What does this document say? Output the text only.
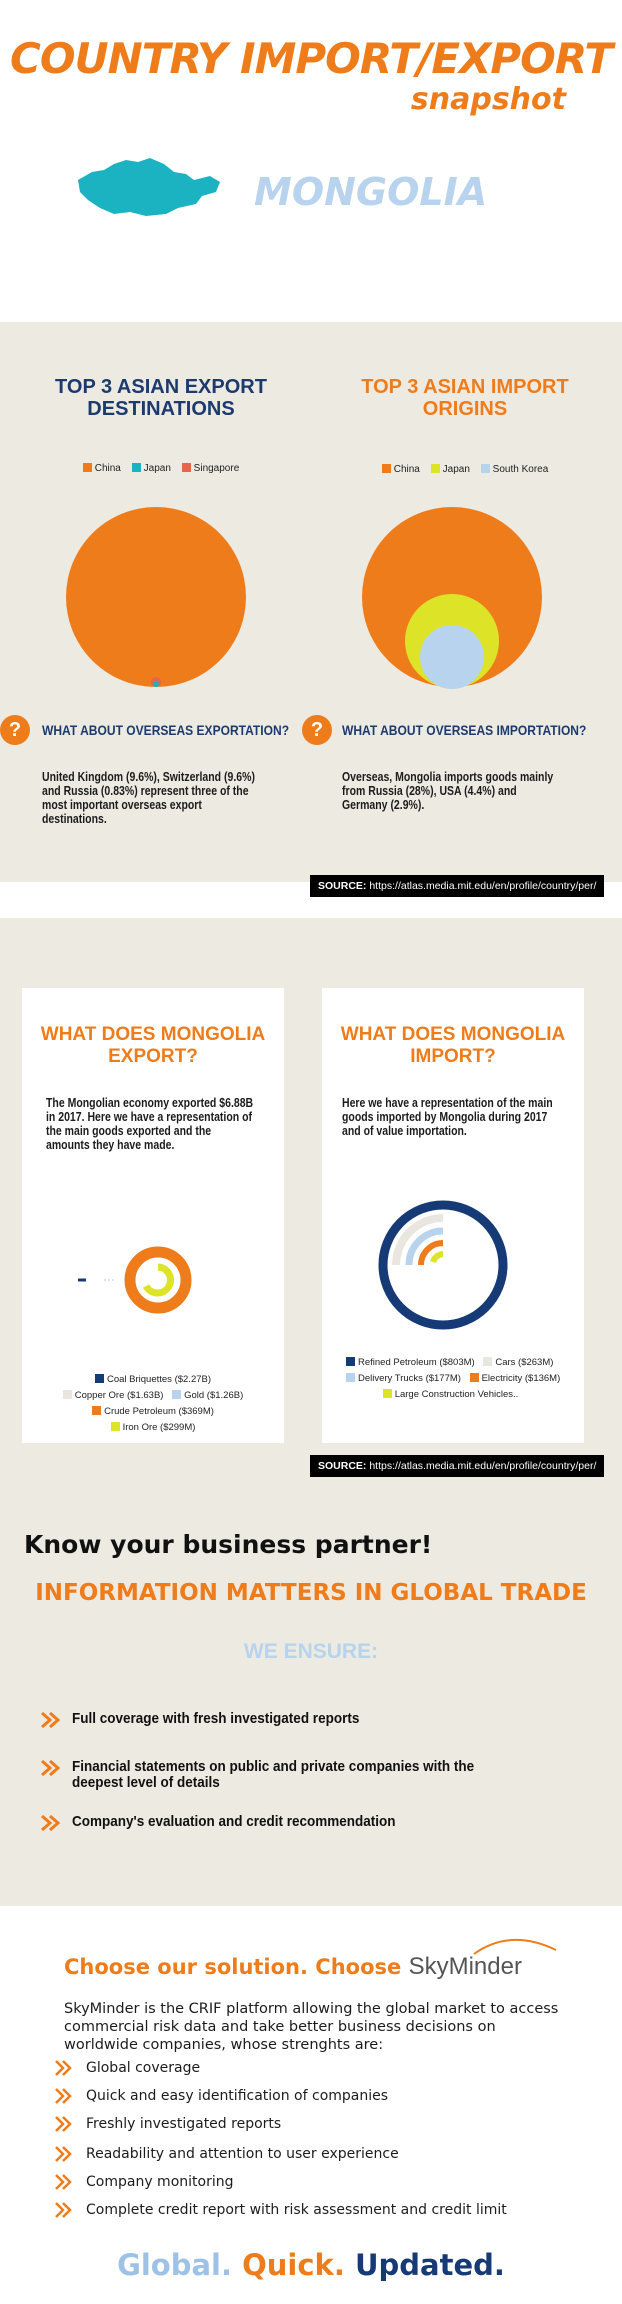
COUNTRY IMPORT/EXPORT
snapshot
MONGOLIA
TOP 3 ASIAN EXPORT DESTINATIONS
TOP 3 ASIAN IMPORT ORIGINS
China Japan Singapore	China Japan South Korea
?	WHAT ABOUT OVERSEAS EXPORTATION?
United Kingdom (9.6%), Switzerland (9.6%) and Russia (0.83%) represent three of the most important overseas export destinations.
?	WHAT ABOUT OVERSEAS IMPORTATION?
Overseas, Mongolia imports goods mainly from Russia (28%), USA (4.4%) and Germany (2.9%).
SOURCE: https://atlas.media.mit.edu/en/profile/country/per/
WHAT DOES MONGOLIA EXPORT?
The Mongolian economy exported $6.88B in 2017. Here we have a representation of the main goods exported and the amounts they have made.
Coal Briquettes ($2.27B)
Copper Ore ($1.63B) Gold ($1.26B)
Crude Petroleum ($369M) Iron Ore ($299M)
WHAT DOES MONGOLIA IMPORT?
Here we have a representation of the main goods imported by Mongolia during 2017 and of value importation.
Refined Petroleum ($803M) Cars ($263M)
Delivery Trucks ($177M) Electricity ($136M)
Large Construction Vehicles..
SOURCE: https://atlas.media.mit.edu/en/profile/country/per/
Know your business partner!
INFORMATION MATTERS IN GLOBAL TRADE
WE ENSURE:
Full coverage with fresh investigated reports
Financial statements on public and private companies with the deepest level of details
Company's evaluation and credit recommendation
Choose our solution. Choose SkyMinder
SkyMinder is the CRIF platform allowing the global market to access commercial risk data and take better business decisions on worldwide companies, whose strenghts are:
Global coverage
Quick and easy identification of companies
Freshly investigated reports
Readability and attention to user experience
Company monitoring
Complete credit report with risk assessment and credit limit
Global. Quick. Updated.
